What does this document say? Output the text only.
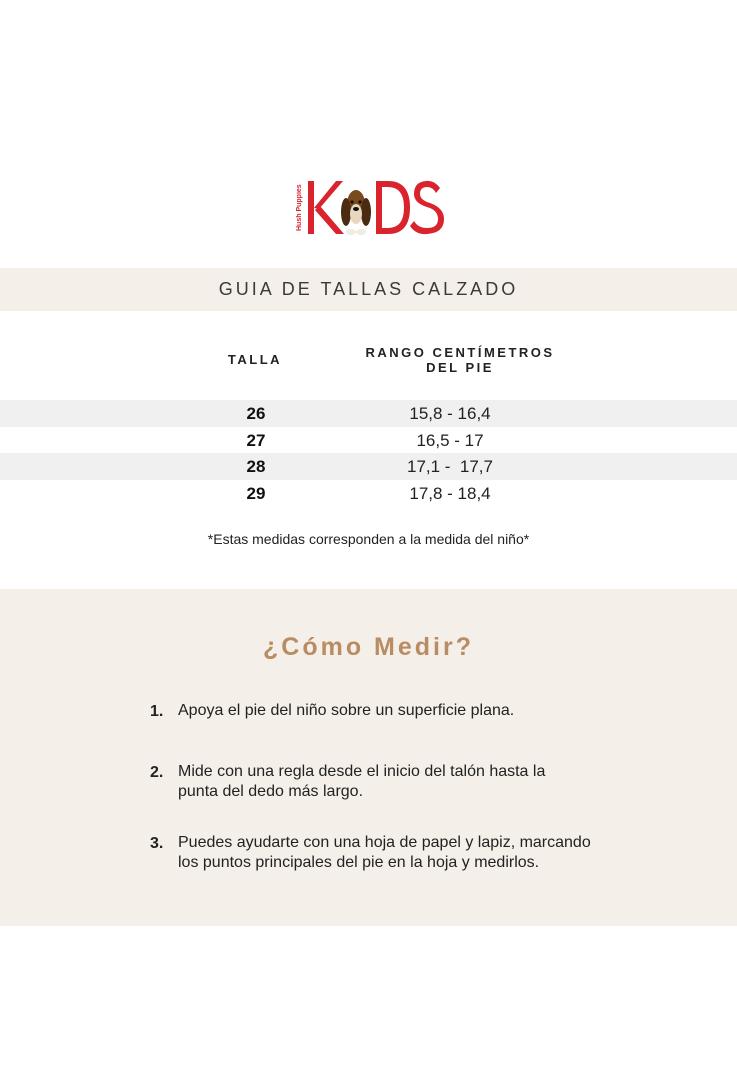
Hush Puppies
GUIA DE TALLAS CALZADO
TALLA	RANGO CENTÍMETROS
DEL PIE
26	15,8 - 16,4
27	16,5 - 17
28	17,1 -  17,7
29	17,8 - 18,4
*Estas medidas corresponden a la medida del niño*
¿Cómo Medir?
1. Apoya el pie del niño sobre un superficie plana.
2. Mide con una regla desde el inicio del talón hasta la
punta del dedo más largo.
3. Puedes ayudarte con una hoja de papel y lapiz, marcando
los puntos principales del pie en la hoja y medirlos.
